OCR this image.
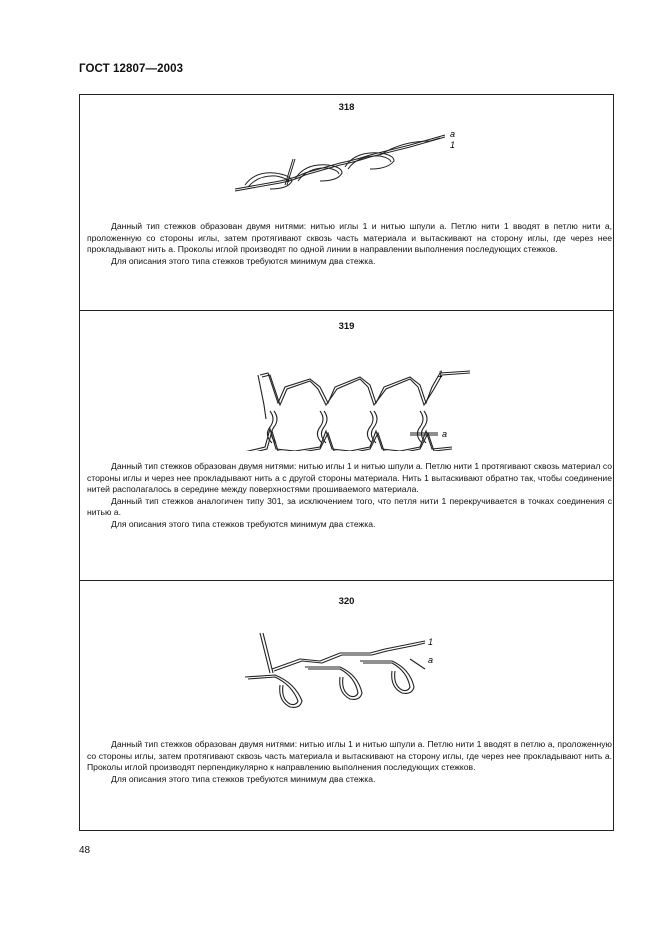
ГОСТ 12807—2003
318
a
1

Данный тип стежков образован двумя нитями: нитью иглы 1 и нитью шпули a. Петлю нити 1 вводят в петлю нити a, проложенную со стороны иглы, затем протягивают сквозь часть материала и вытаскивают на сторону иглы, где через нее прокладывают нить a. Проколы иглой производят по одной линии в направлении выполнения последующих стежков.

Для описания этого типа стежков требуются минимум два стежка.

319
1
a

Данный тип стежков образован двумя нитями: нитью иглы 1 и нитью шпули a. Петлю нити 1 протягивают сквозь материал со стороны иглы и через нее прокладывают нить a с другой стороны материала. Нить 1 вытаскивают обратно так, чтобы соединение нитей располагалось в середине между поверхностями прошиваемого материала.

Данный тип стежков аналогичен типу 301, за исключением того, что петля нити 1 перекручивается в точках соединения с нитью a.

Для описания этого типа стежков требуются минимум два стежка.

320
1
a

Данный тип стежков образован двумя нитями: нитью иглы 1 и нитью шпули a. Петлю нити 1 вводят в петлю a, проложенную со стороны иглы, затем протягивают сквозь часть материала и вытаскивают на сторону иглы, где через нее прокладывают нить a. Проколы иглой производят перпендикулярно к направлению выполнения последующих стежков.

Для описания этого типа стежков требуются минимум два стежка.

48
